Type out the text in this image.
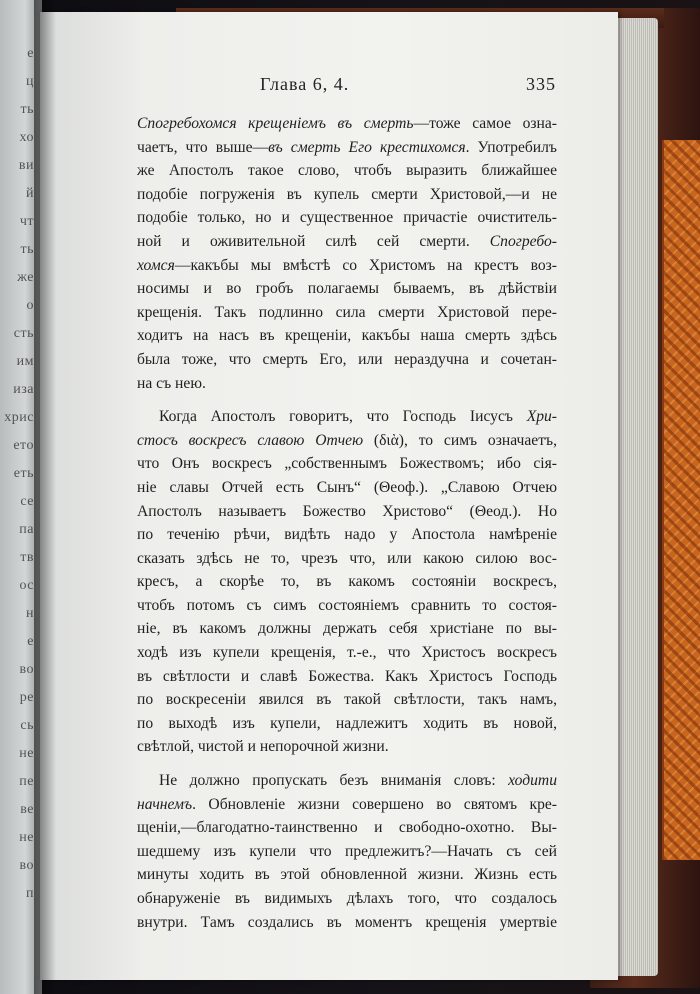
e
ц
ть
хо
ви
й
чт
ть
же
о
сть
им
иза
хрис
ето
еть
се
па
тв
ос
н
е
во
ре
сь
не
пе
ве
не
во
п
Глава 6, 4.	335
Спогребохомся крещенiемъ въ смерть—тоже самое озна-
чаетъ, что выше—въ смерть Его крестихомся. Употребилъ
же Апостолъ такое слово, чтобъ выразить ближайшее
подобiе погруженiя въ купель смерти Христовой,—и не
подобiе только, но и существенное причастiе очиститель-
ной и оживительной силѣ сей смерти. Спогребо-
хомся—какъбы мы вмѣстѣ со Христомъ на крестъ воз-
носимы и во гробъ полагаемы бываемъ, въ дѣйствiи
крещенiя. Такъ подлинно сила смерти Христовой пере-
ходитъ на насъ въ крещенiи, какъбы наша смерть здѣсь
была тоже, что смерть Его, или нераздучна и сочетан-
на съ нею.
Когда Апостолъ говоритъ, что Господь Iисусъ Хри-
стосъ воскресъ славою Отчею (διὰ), то симъ означаетъ,
что Онъ воскресъ „собственнымъ Божествомъ; ибо сiя-
нiе славы Отчей есть Сынъ“ (Θеоф.). „Славою Отчею
Апостолъ называетъ Божество Христово“ (Θеод.). Но
по теченiю рѣчи, видѣть надо у Апостола намѣренiе
сказать здѣсь не то, чрезъ что, или какою силою вос-
кресъ, а скорѣе то, въ какомъ состоянiи воскресъ,
чтобъ потомъ съ симъ состоянiемъ сравнить то состоя-
нiе, въ какомъ должны держать себя христiане по вы-
ходѣ изъ купели крещенiя, т.-е., что Христосъ воскресъ
въ свѣтлости и славѣ Божества. Какъ Христосъ Господь
по воскресенiи явился въ такой свѣтлости, такъ намъ,
по выходѣ изъ купели, надлежитъ ходить въ новой,
свѣтлой, чистой и непорочной жизни.
Не должно пропускать безъ вниманiя словъ: ходити
начнемъ. Обновленiе жизни совершено во святомъ кре-
щенiи,—благодатно-таинственно и свободно-охотно. Вы-
шедшему изъ купели что предлежитъ?—Начать съ сей
минуты ходить въ этой обновленной жизни. Жизнь есть
обнаруженiе въ видимыхъ дѣлахъ того, что создалось
внутри. Тамъ создались въ моментъ крещенiя умертвiе
